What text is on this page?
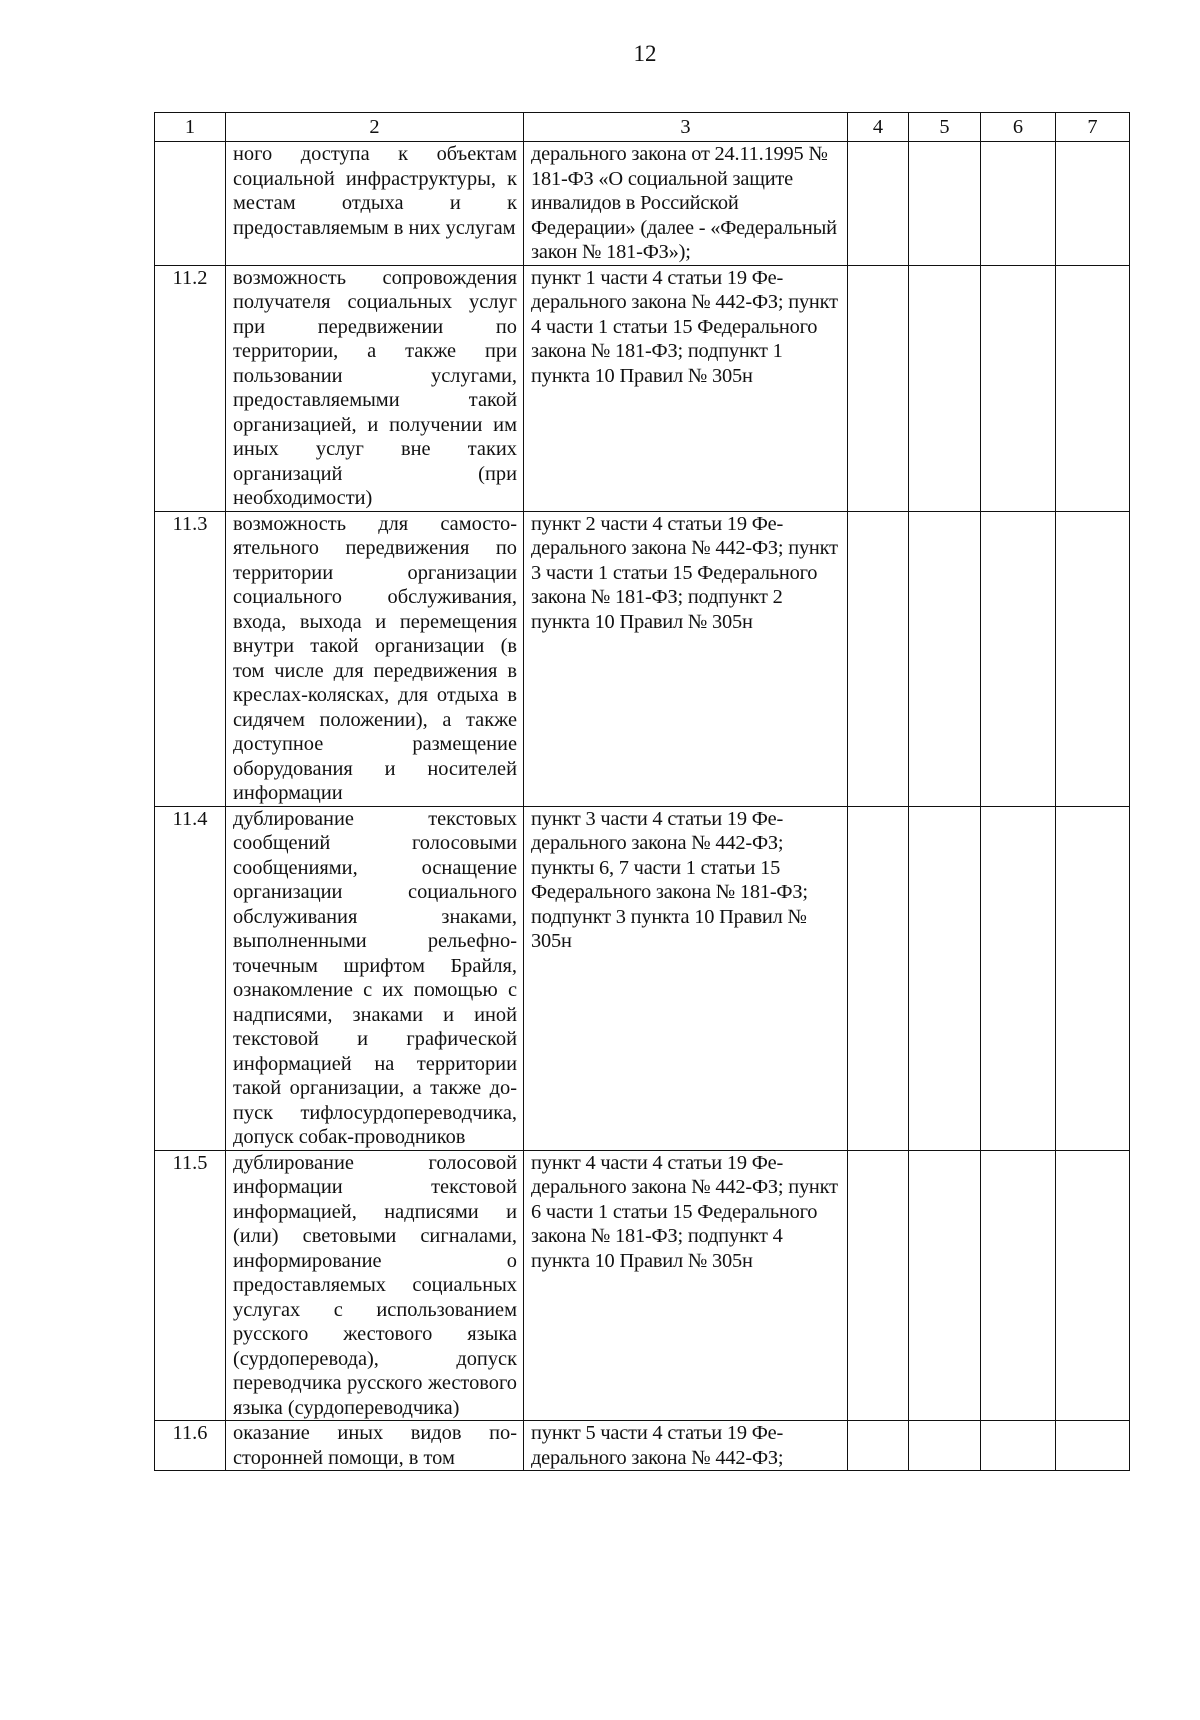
12
1	2	3	4	5	6	7
	ного доступа к объектам социальной инфраструктуры, к местам отдыха и к предоставляемым в них услугам	дерального закона от 24.11.1995 № 181-ФЗ «О социальной защите инвалидов в Российской Федерации» (далее ‑ «Федеральный закон № 181-ФЗ»);				
11.2	возможность сопровождения получателя социальных услуг при передвижении по территории, а также при пользовании услугами, предоставляемыми такой организацией, и получении им иных услуг вне таких организаций (при необходимости)	пункт 1 части 4 статьи 19 Федерального закона № 442-ФЗ; пункт 4 части 1 статьи 15 Федерального закона № 181-ФЗ; подпункт 1 пункта 10 Правил № 305н				
11.3	возможность для самостоятельного передвижения по территории организации социального обслуживания, входа, выхода и перемещения внутри такой организации (в том числе для передвижения в креслах-колясках, для отдыха в сидячем положении), а также доступное размещение оборудования и носителей информации	пункт 2 части 4 статьи 19 Федерального закона № 442-ФЗ; пункт 3 части 1 статьи 15 Федерального закона № 181-ФЗ; подпункт 2 пункта 10 Правил № 305н				
11.4	дублирование текстовых сообщений голосовыми сообщениями, оснащение организации социального обслуживания знаками, выполненными рельефно-точечным шрифтом Брайля, ознакомление с их помощью с надписями, знаками и иной текстовой и графической информацией на территории такой организации, а также допуск тифлосурдопереводчика, допуск собак-проводников	пункт 3 части 4 статьи 19 Федерального закона № 442-ФЗ; пункты 6, 7 части 1 статьи 15 Федерального закона № 181-ФЗ; подпункт 3 пункта 10 Правил № 305н				
11.5	дублирование голосовой информации текстовой информацией, надписями и (или) световыми сигналами, информирование о предоставляемых социальных услугах с использованием русского жестового языка (сурдоперевода), допуск переводчика русского жестового языка (сурдопереводчика)	пункт 4 части 4 статьи 19 Федерального закона № 442-ФЗ; пункт 6 части 1 статьи 15 Федерального закона № 181-ФЗ; подпункт 4 пункта 10 Правил № 305н				
11.6	оказание иных видов посторонней помощи, в том	пункт 5 части 4 статьи 19 Федерального закона № 442-ФЗ;				
